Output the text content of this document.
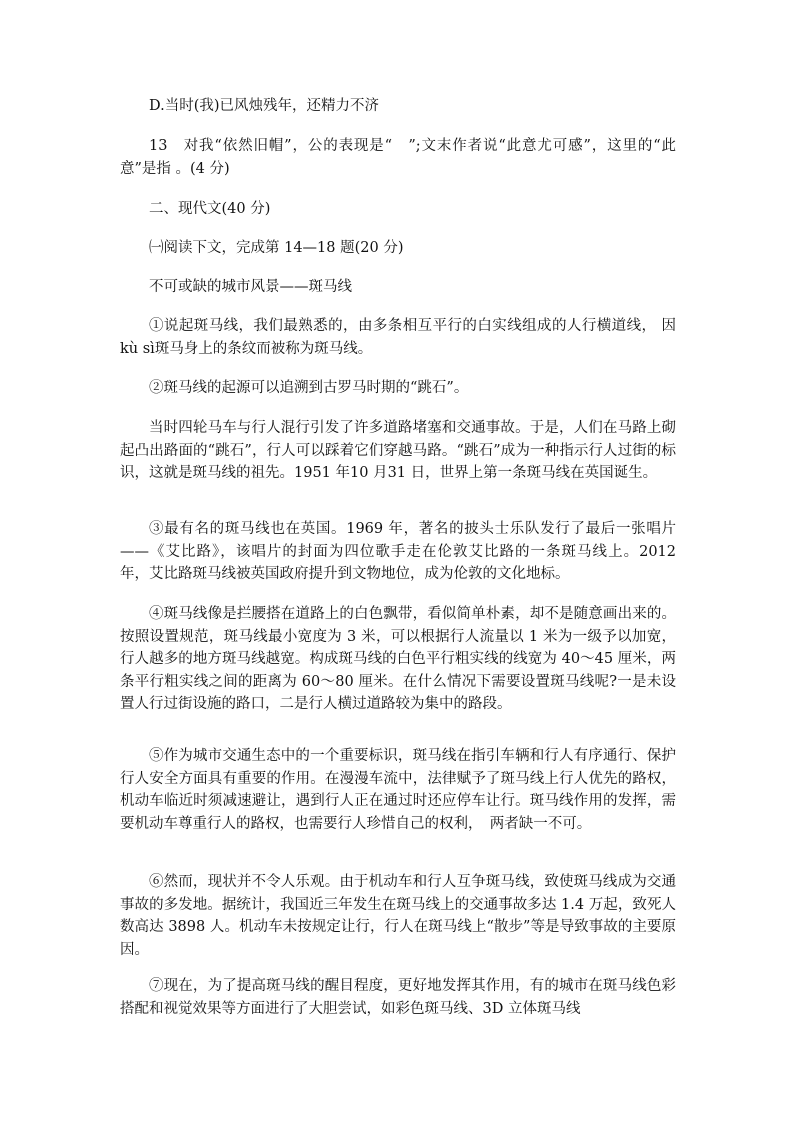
D.当时(我)已风烛残年，还精力不济

13　对我“依然旧帽”，公的表现是“　”;文末作者说“此意尤可感”，这里的“此意”是指 。(4 分)

二、现代文(40 分)

㈠阅读下文，完成第 14—18 题(20 分)

不可或缺的城市风景——斑马线

①说起斑马线，我们最熟悉的，由多条相互平行的白实线组成的人行横道线， 因kù sì斑马身上的条纹而被称为斑马线。

②斑马线的起源可以追溯到古罗马时期的“跳石”。

当时四轮马车与行人混行引发了许多道路堵塞和交通事故。于是，人们在马路上砌起凸出路面的“跳石”，行人可以踩着它们穿越马路。“跳石”成为一种指示行人过街的标识，这就是斑马线的祖先。1951 年10 月31 日，世界上第一条斑马线在英国诞生。

③最有名的斑马线也在英国。1969 年，著名的披头士乐队发行了最后一张唱片——《艾比路》，该唱片的封面为四位歌手走在伦敦艾比路的一条斑马线上。2012 年，艾比路斑马线被英国政府提升到文物地位，成为伦敦的文化地标。

④斑马线像是拦腰搭在道路上的白色飘带，看似简单朴素，却不是随意画出来的。按照设置规范，斑马线最小宽度为 3 米，可以根据行人流量以 1 米为一级予以加宽，行人越多的地方斑马线越宽。构成斑马线的白色平行粗实线的线宽为 40～45 厘米，两条平行粗实线之间的距离为 60～80 厘米。在什么情况下需要设置斑马线呢?一是未设置人行过街设施的路口，二是行人横过道路较为集中的路段。

⑤作为城市交通生态中的一个重要标识，斑马线在指引车辆和行人有序通行、保护行人安全方面具有重要的作用。在漫漫车流中，法律赋予了斑马线上行人优先的路权，机动车临近时须减速避让，遇到行人正在通过时还应停车让行。斑马线作用的发挥，需要机动车尊重行人的路权，也需要行人珍惜自己的权利，　两者缺一不可。

⑥然而，现状并不令人乐观。由于机动车和行人互争斑马线，致使斑马线成为交通事故的多发地。据统计，我国近三年发生在斑马线上的交通事故多达 1.4 万起，致死人数高达 3898 人。机动车未按规定让行，行人在斑马线上“散步”等是导致事故的主要原因。

⑦现在，为了提高斑马线的醒目程度，更好地发挥其作用，有的城市在斑马线色彩搭配和视觉效果等方面进行了大胆尝试，如彩色斑马线、3D 立体斑马线
